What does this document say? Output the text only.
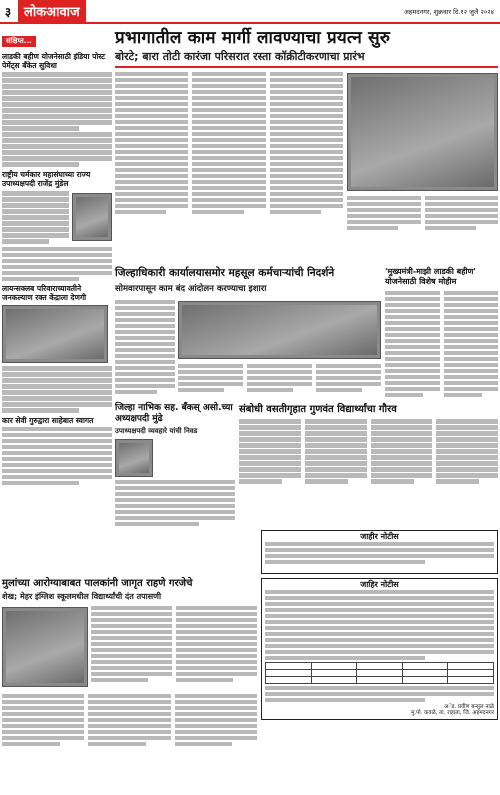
३ लोकआवाज	अहमदनगर, शुक्रवार दि.१२ जुलै २०२४
संक्षिप्त...
लाडकी बहीण योजनेसाठी इंडिया पोस्ट पेमेंट्स बँकेत सुविधा
राष्ट्रीय चर्मकार महासंघाच्या राज्य उपाध्यक्षपदी राजेंद्र मुंडेल
लायन्सक्लब परिवाराच्यावतीने जनकल्याण रक्त केंद्राला देणगी
कार सेवी गुरुद्वारा साहेबात स्वागत
प्रभागातील काम मार्गी लावण्याचा प्रयत्न सुरु
बोरटे; बारा तोटी कारंजा परिसरात रस्ता कॉक्रीटीकरणाचा प्रारंभ
जिल्हाधिकारी कार्यालयासमोर महसूल कर्मचाऱ्यांची निदर्शने
सोमवारपासून काम बंद आंदोलन करण्याचा इशारा
'मुख्यमंत्री-माझी लाडकी बहीण' योजनेसाठी विशेष मोहीम
जिल्हा नाभिक सह. बँकस् असो.च्या अध्यक्षपदी मुंढे
उपाध्यक्षपदी व्यवहारे यांची निवड
संबोधी वसतीगृहात गुणवंत विद्यार्थ्यांचा गौरव
मुलांच्या आरोग्याबाबत पालकांनी जागृत राहणे गरजेचे
शेख; मेहर इंग्लिश स्कूलमधील विद्यार्थ्यांची दंत तपासणी
जाहिर नोटीस

अॅड. प्रवीण बन्सुल नाळे
मु.पो. कवळे, ता. राहाता, जि. अहमदनगर
जाहीर नोटीस
